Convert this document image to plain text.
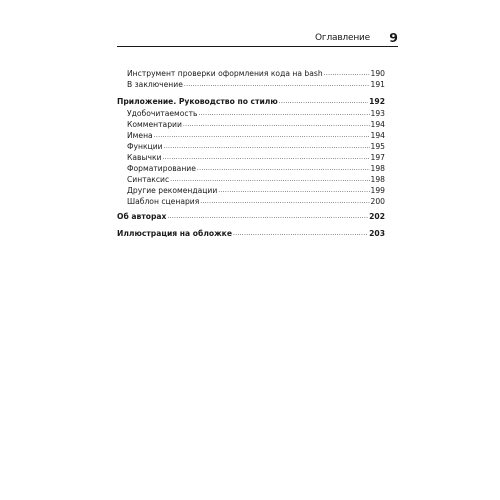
Оглавление 9
Инструмент проверки оформления кода на bash .....	190
В заключение .....	191
Приложение. Руководство по стилю .....	192
Удобочитаемость .....	193
Комментарии .....	194
Имена .....	194
Функции .....	195
Кавычки .....	197
Форматирование .....	198
Синтаксис .....	198
Другие рекомендации .....	199
Шаблон сценария .....	200
Об авторах .....	202
Иллюстрация на обложке .....	203
